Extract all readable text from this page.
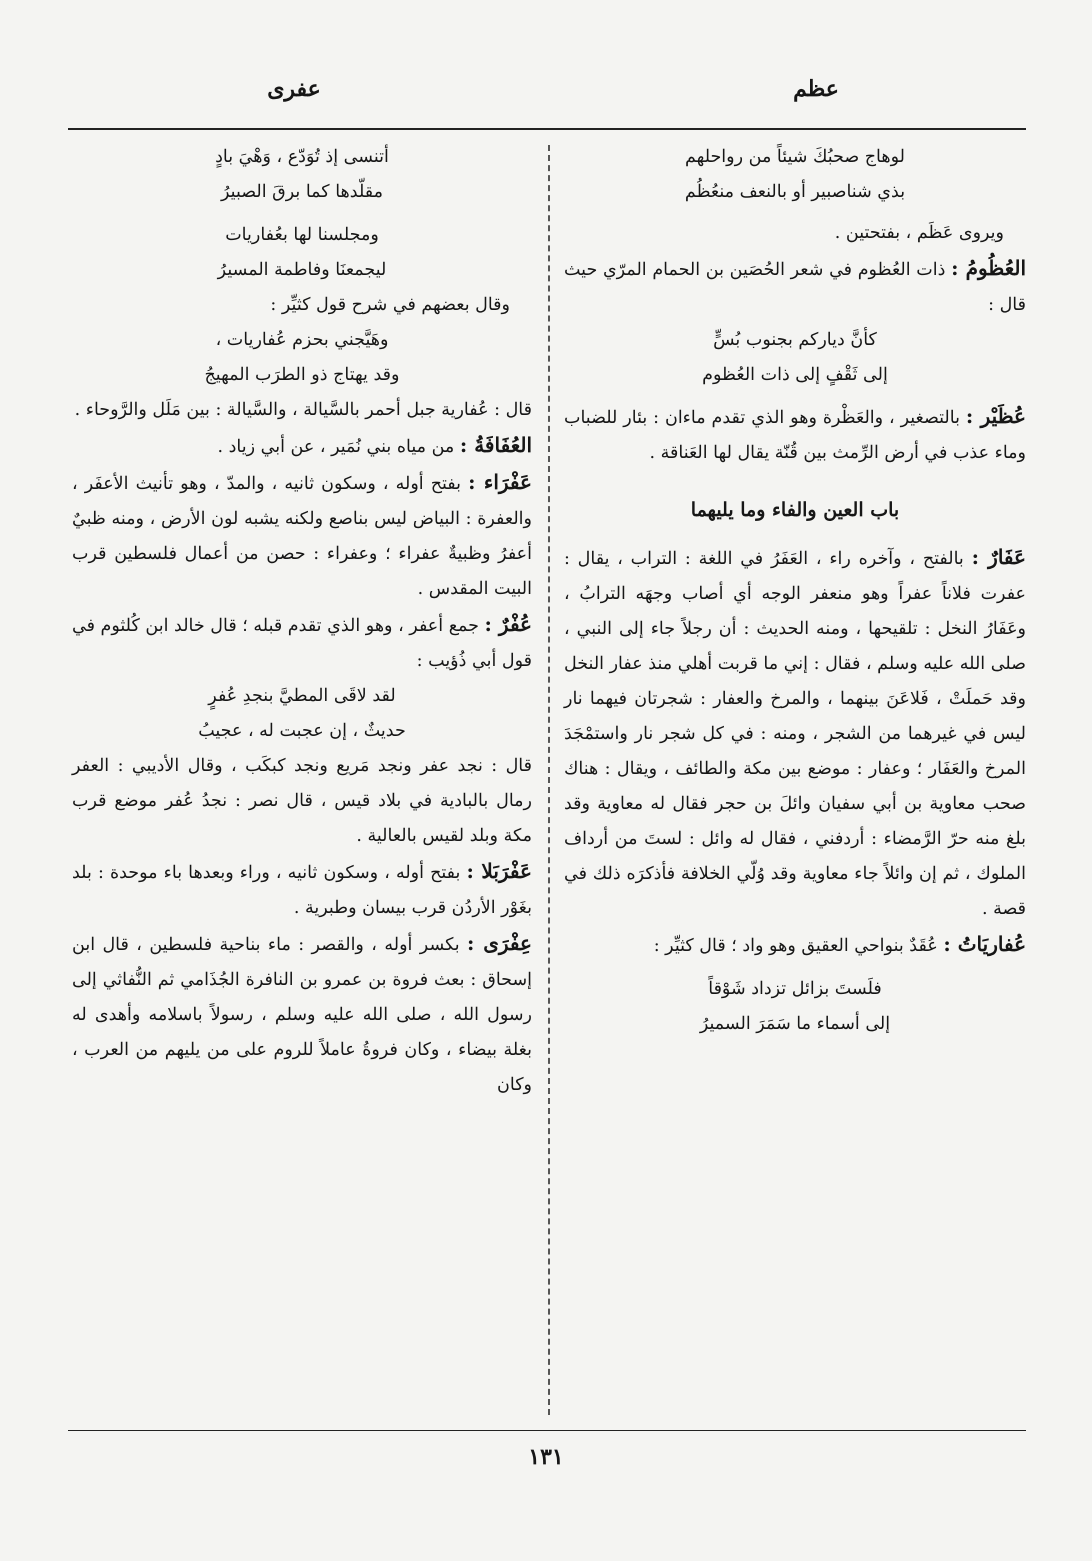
عظم
عفرى

لوهاج صحبُكَ شيئاً من رواحلهم
بذي شناصبير أو بالنعف منعُظُم

ويروى عَظَم ، بفتحتين .

العُظُومُ : ذات العُظوم في شعر الحُصَين بن الحمام المرّي حيث قال :

كأنَّ دياركم بجنوب بُسٍّ
إلى ثَقْفٍ إلى ذات العُظوم

عُظَيْر : بالتصغير ، والعَظْرة وهو الذي تقدم ماءان : بئار للضباب وماء عذب في أرض الرِّمث بين قُنّة يقال لها العَناقة .

باب العين والفاء وما يليهما

عَفَارٌ : بالفتح ، وآخره راء ، العَفَرُ في اللغة : التراب ، يقال : عفرت فلاناً عفراً وهو منعفر الوجه أي أصاب وجهَه الترابُ ، وعَفَارُ النخل : تلقيحها ، ومنه الحديث : أن رجلاً جاء إلى النبي ، صلى الله عليه وسلم ، فقال : إني ما قربت أهلي منذ عفار النخل وقد حَملَتْ ، فَلاعَنَ بينهما ، والمرخ والعفار : شجرتان فيهما نار ليس في غيرهما من الشجر ، ومنه : في كل شجر نار واستمْجَدَ المرخ والعَفَار ؛ وعفار : موضع بين مكة والطائف ، ويقال : هناك صحب معاوية بن أبي سفيان وائلَ بن حجر فقال له معاوية وقد بلغ منه حرّ الرَّمضاء : أردفني ، فقال له وائل : لستَ من أرداف الملوك ، ثم إن وائلاً جاء معاوية وقد وُلّي الخلافة فأذكرَه ذلك في قصة .

عُفاريَاتُ : عُقَدٌ بنواحي العقيق وهو واد ؛ قال كثيِّر :

فلَستَ بزائل تزداد شَوْقاً
إلى أسماء ما سَمَرَ السميرُ

أتنسى إذ تُوَدّع ، وَهْيَ بادٍ
مقلّدها كما برقَ الصبيرُ

ومجلسنا لها بعُفاريات
ليجمعنَا وفاطمة المسيرُ

وقال بعضهم في شرح قول كثيِّر :

وهَيَّجني بحزم عُفاريات ،
وقد يهتاج ذو الطرَب المهيجُ

قال : عُفارية جبل أحمر بالسَّيالة ، والسَّيالة : بين مَلَل والرَّوحاء .

العُفَافَةُ : من مياه بني نُمَير ، عن أبي زياد .

عَفْرَاء : بفتح أوله ، وسكون ثانيه ، والمدّ ، وهو تأنيث الأعفَر ، والعفرة : البياض ليس بناصع ولكنه يشبه لون الأرض ، ومنه ظبيٌ أعفرُ وظبيةٌ عفراء ؛ وعفراء : حصن من أعمال فلسطين قرب البيت المقدس .

عُفْرٌ : جمع أعفر ، وهو الذي تقدم قبله ؛ قال خالد ابن كُلثوم في قول أبي ذُؤيب :

لقد لاقَى المطيَّ بنجدِ عُفرٍ
حديثٌ ، إن عجبت له ، عجيبُ

قال : نجد عفر ونجد مَريع ونجد كبكَب ، وقال الأديبي : العفر رمال بالبادية في بلاد قيس ، قال نصر : نجدُ عُفر موضع قرب مكة وبلد لقيس بالعالية .

عَفْرَبَلا : بفتح أوله ، وسكون ثانيه ، وراء وبعدها باء موحدة : بلد بغَوْر الأردُن قرب بيسان وطبرية .

عِفْرَى : بكسر أوله ، والقصر : ماء بناحية فلسطين ، قال ابن إسحاق : بعث فروة بن عمرو بن النافرة الجُذَامي ثم النُّفاثي إلى رسول الله ، صلى الله عليه وسلم ، رسولاً باسلامه وأهدى له بغلة بيضاء ، وكان فروةُ عاملاً للروم على من يليهم من العرب ، وكان

١٣١
